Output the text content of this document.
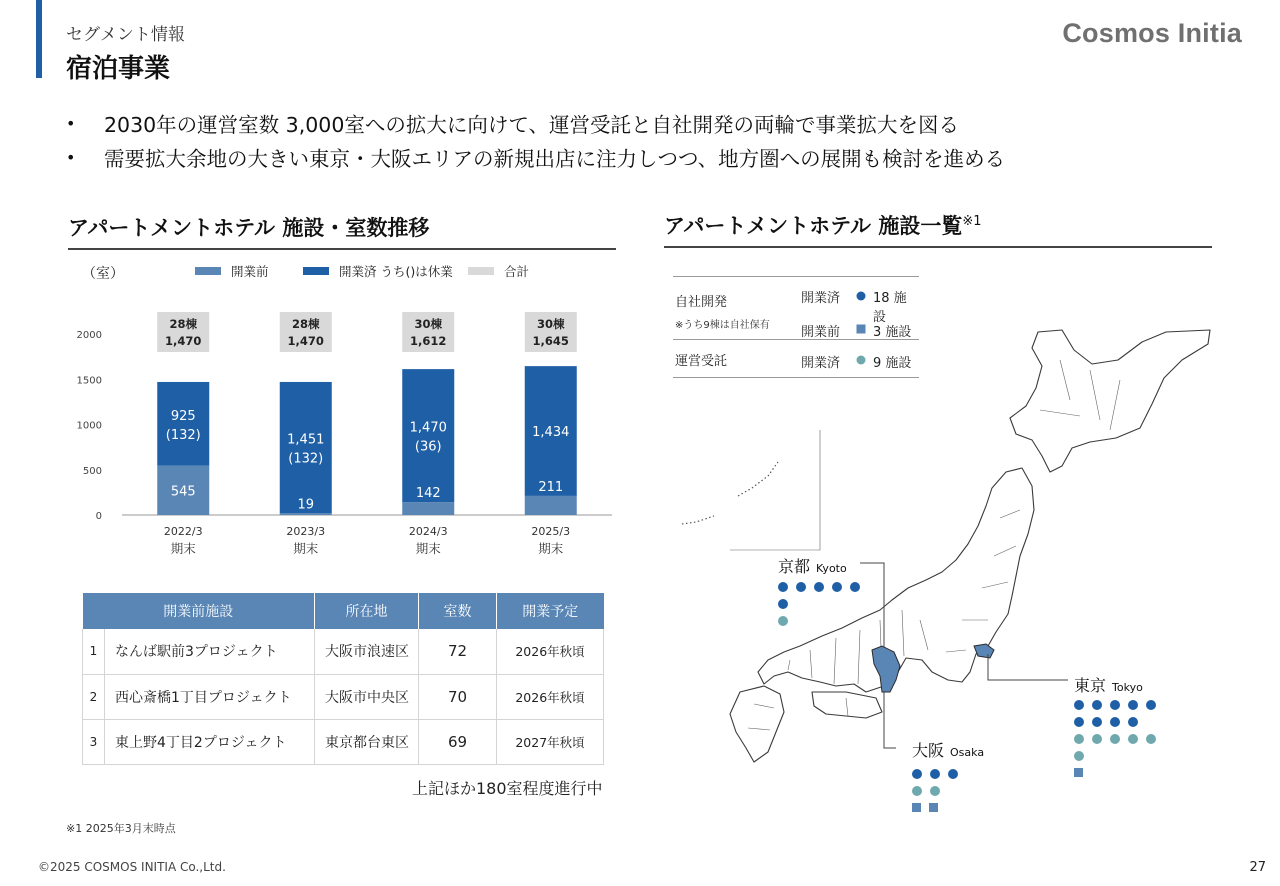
セグメント情報
宿泊事業
Cosmos Initia
•	2030年の運営室数 3,000室への拡大に向けて、運営受託と自社開発の両輪で事業拡大を図る
•	需要拡大余地の大きい東京・大阪エリアの新規出店に注力しつつ、地方圏への展開も検討を進める
アパートメントホテル 施設・室数推移	アパートメントホテル 施設一覧$^{※1}$
（室）	開業前	開業済 うち()は休業	合計
0
500
1000
1500
2000
545
925
(132)
28棟
1,470
2022/3
期末
19
1,451
(132)
28棟
1,470
2023/3
期末
142
1,470
(36)
30棟
1,612
2024/3
期末
211
1,434
30棟
1,645
2025/3
期末
開業前施設		所在地	室数	開業予定
1	なんば駅前3プロジェクト	大阪市浪速区	72	2026年秋頃
2	西心斎橋1丁目プロジェクト	大阪市中央区	70	2026年秋頃
3	東上野4丁目2プロジェクト	東京都台東区	69	2027年秋頃
上記ほか180室程度進行中
自社開発
※うち9棟は自社保有
開業済	18 施設
開業前	3 施設
運営受託	開業済	9 施設
京都 Kyoto
大阪 Osaka
東京 Tokyo
※1 2025年3月末時点
©2025 COSMOS INITIA Co.,Ltd.	27
